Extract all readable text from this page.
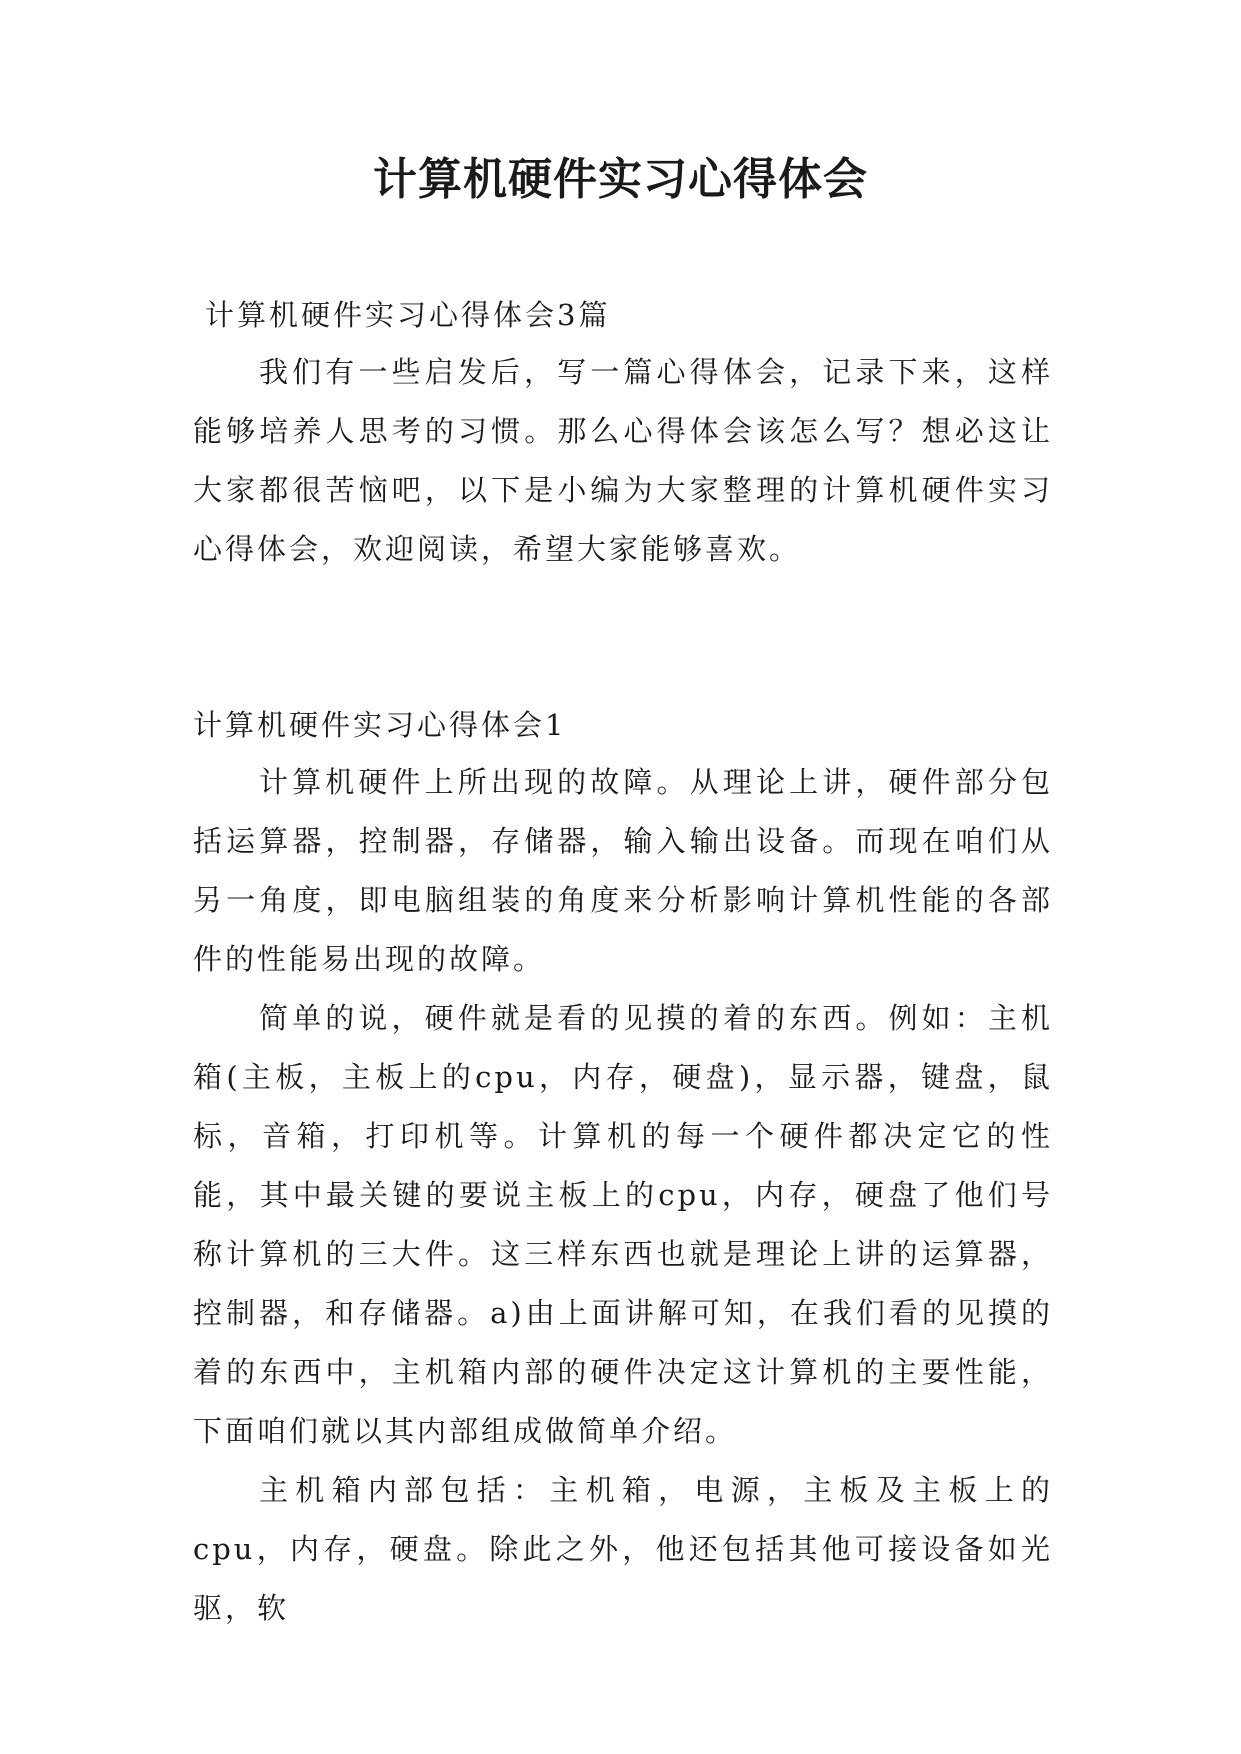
计算机硬件实习心得体会

计算机硬件实习心得体会3篇

我们有一些启发后，写一篇心得体会，记录下来，这样能够培养人思考的习惯。那么心得体会该怎么写？想必这让大家都很苦恼吧，以下是小编为大家整理的计算机硬件实习心得体会，欢迎阅读，希望大家能够喜欢。

计算机硬件实习心得体会1

计算机硬件上所出现的故障。从理论上讲，硬件部分包括运算器，控制器，存储器，输入输出设备。而现在咱们从另一角度，即电脑组装的角度来分析影响计算机性能的各部件的性能易出现的故障。

简单的说，硬件就是看的见摸的着的东西。例如：主机箱(主板，主板上的cpu，内存，硬盘)，显示器，键盘，鼠标，音箱，打印机等。计算机的每一个硬件都决定它的性能，其中最关键的要说主板上的cpu，内存，硬盘了他们号称计算机的三大件。这三样东西也就是理论上讲的运算器，控制器，和存储器。a)由上面讲解可知，在我们看的见摸的着的东西中，主机箱内部的硬件决定这计算机的主要性能，下面咱们就以其内部组成做简单介绍。

主机箱内部包括：主机箱，电源，主板及主板上的cpu，内存，硬盘。除此之外，他还包括其他可接设备如光驱，软
